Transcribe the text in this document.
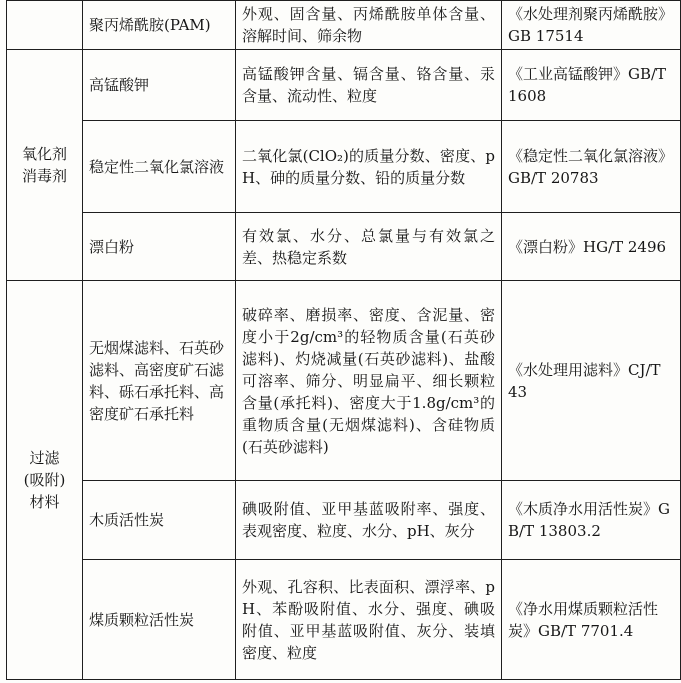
	聚丙烯酰胺(PAM)	外观、固含量、丙烯酰胺单体含量、溶解时间、筛余物	《水处理剂聚丙烯酰胺》GB 17514

氧化剂
消毒剂	高锰酸钾	高锰酸钾含量、镉含量、铬含量、汞含量、流动性、粒度	《工业高锰酸钾》GB/T 1608
	稳定性二氧化氯溶液	二氧化氯(ClO₂)的质量分数、密度、pH、砷的质量分数、铅的质量分数	《稳定性二氧化氯溶液》GB/T 20783
	漂白粉	有效氯、水分、总氯量与有效氯之差、热稳定系数	《漂白粉》HG/T 2496

过滤
(吸附)
材料	无烟煤滤料、石英砂滤料、高密度矿石滤料、砾石承托料、高密度矿石承托料	破碎率、磨损率、密度、含泥量、密度小于2g/cm³的轻物质含量(石英砂滤料)、灼烧减量(石英砂滤料)、盐酸可溶率、筛分、明显扁平、细长颗粒含量(承托料)、密度大于1.8g/cm³的重物质含量(无烟煤滤料)、含硅物质(石英砂滤料)	《水处理用滤料》CJ/T 43
	木质活性炭	碘吸附值、亚甲基蓝吸附率、强度、表观密度、粒度、水分、pH、灰分	《木质净水用活性炭》GB/T 13803.2
	煤质颗粒活性炭	外观、孔容积、比表面积、漂浮率、pH、苯酚吸附值、水分、强度、碘吸附值、亚甲基蓝吸附值、灰分、装填密度、粒度	《净水用煤质颗粒活性炭》GB/T 7701.4
